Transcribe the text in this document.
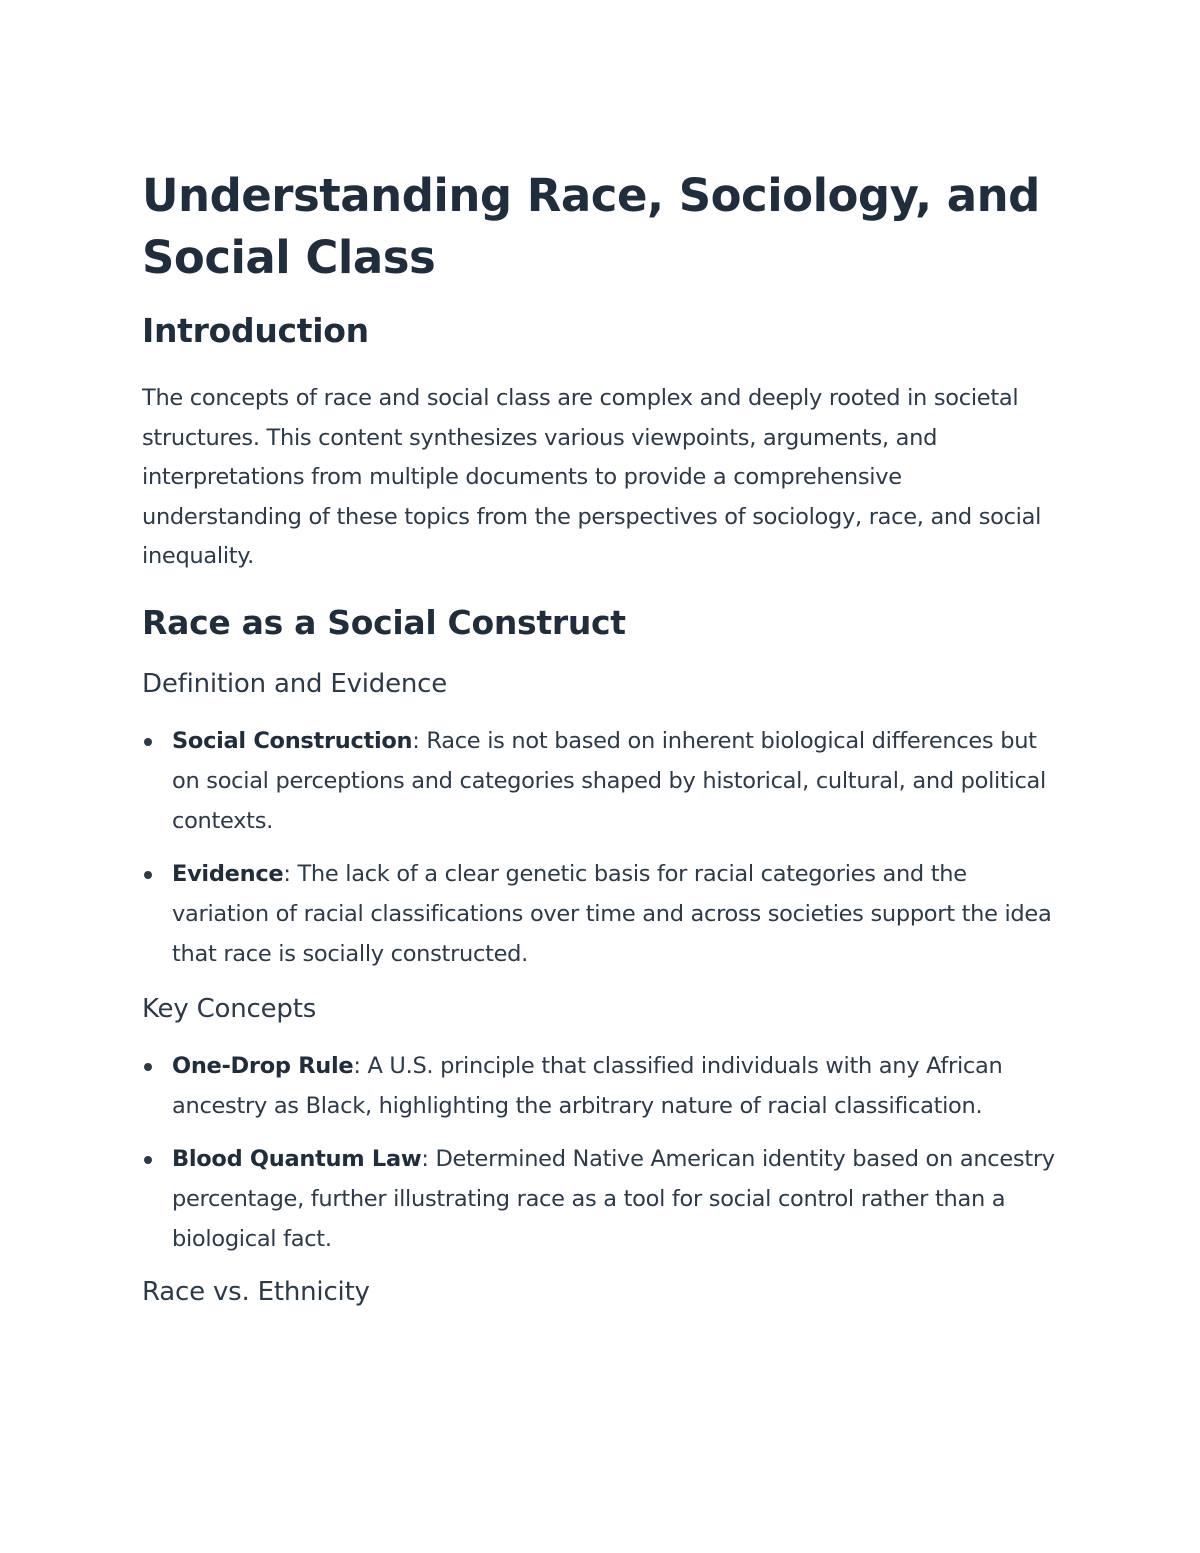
Understanding Race, Sociology, and Social Class
Introduction

The concepts of race and social class are complex and deeply rooted in societal structures. This content synthesizes various viewpoints, arguments, and interpretations from multiple documents to provide a comprehensive understanding of these topics from the perspectives of sociology, race, and social inequality.

Race as a Social Construct
Definition and Evidence
Social Construction: Race is not based on inherent biological differences but on social perceptions and categories shaped by historical, cultural, and political contexts.
Evidence: The lack of a clear genetic basis for racial categories and the variation of racial classifications over time and across societies support the idea that race is socially constructed.
Key Concepts
One-Drop Rule: A U.S. principle that classified individuals with any African ancestry as Black, highlighting the arbitrary nature of racial classification.
Blood Quantum Law: Determined Native American identity based on ancestry percentage, further illustrating race as a tool for social control rather than a biological fact.
Race vs. Ethnicity
